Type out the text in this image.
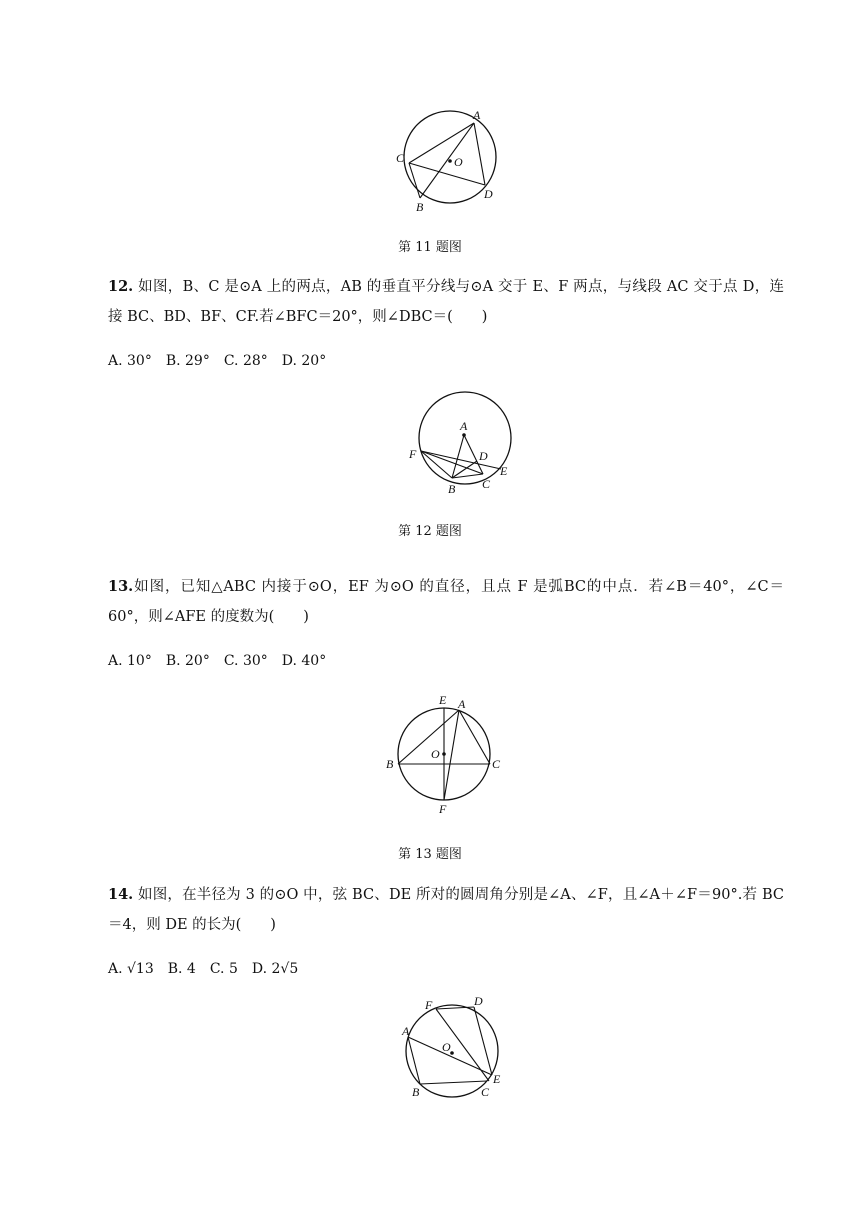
A
C	O
B
D
第 11 题图
12. 如图，B、C 是⊙A 上的两点，AB 的垂直平分线与⊙A 交于 E、F 两点，与线段 AC 交于点 D，连接 BC、BD、BF、CF.若∠BFC＝20°，则∠DBC＝(　　)
A. 30°　B. 29°　C. 28°　D. 20°
A
F	D
E
B C
第 12 题图
13.如图，已知△ABC 内接于⊙O，EF 为⊙O 的直径，且点 F 是弧BC的中点．若∠B＝40°，∠C＝60°，则∠AFE 的度数为(　　)
A. 10°　B. 20°　C. 30°　D. 40°
E A
O
B	C
F
第 13 题图
14. 如图，在半径为 3 的⊙O 中，弦 BC、DE 所对的圆周角分别是∠A、∠F，且∠A＋∠F＝90°.若 BC＝4，则 DE 的长为(　　)
A. √13　B. 4　C. 5　D. 2√5
F	D
A
O
E
B	C
